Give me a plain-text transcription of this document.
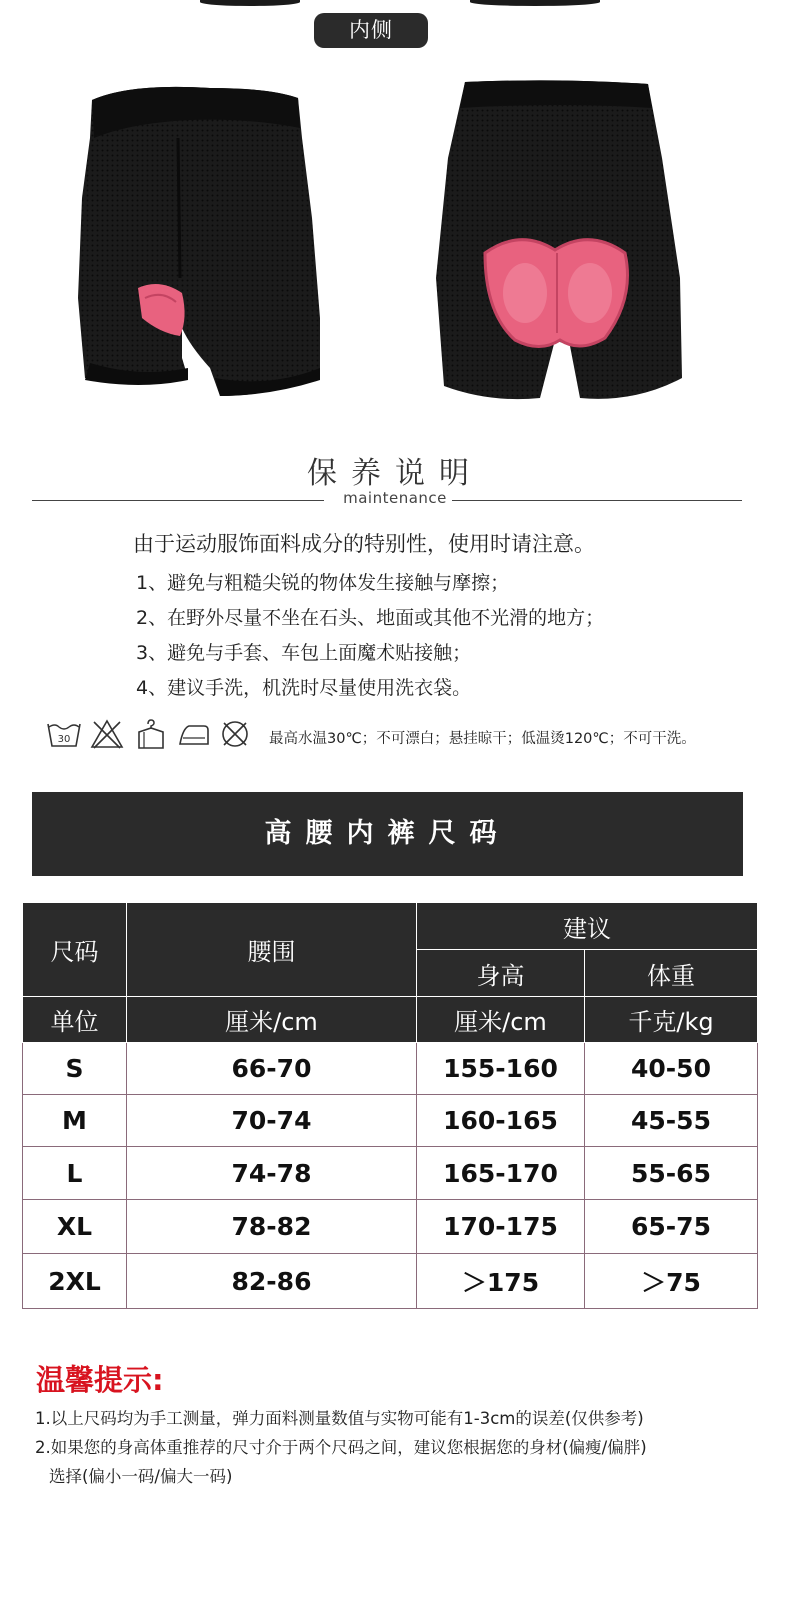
内侧
保养说明
maintenance
由于运动服饰面料成分的特别性，使用时请注意。
1、避免与粗糙尖锐的物体发生接触与摩擦；
2、在野外尽量不坐在石头、地面或其他不光滑的地方；
3、避免与手套、车包上面魔术贴接触；
4、建议手洗，机洗时尽量使用洗衣袋。
30	最高水温30℃；不可漂白；悬挂晾干；低温烫120℃；不可干洗。
高腰内裤尺码
尺码	腰围	建议	
		身高	体重
单位	厘米/cm	厘米/cm	千克/kg
S	66-70	155-160	40-50
M	70-74	160-165	45-55
L	74-78	165-170	55-65
XL	78-82	170-175	65-75
2XL	82-86	＞175	＞75
温馨提示:
1.以上尺码均为手工测量，弹力面料测量数值与实物可能有1-3cm的误差(仅供参考)
2.如果您的身高体重推荐的尺寸介于两个尺码之间，建议您根据您的身材(偏瘦/偏胖)
选择(偏小一码/偏大一码)
